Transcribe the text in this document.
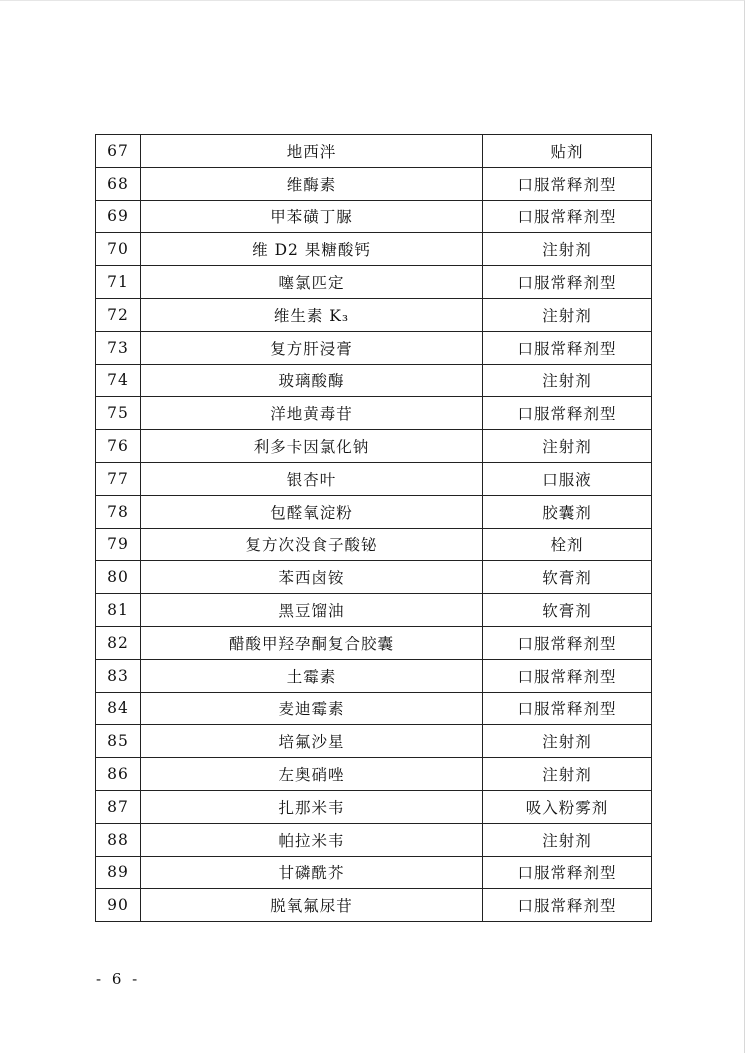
67	地西泮	贴剂
68	维酶素	口服常释剂型
69	甲苯磺丁脲	口服常释剂型
70	维 D2 果糖酸钙	注射剂
71	噻氯匹定	口服常释剂型
72	维生素 K₃	注射剂
73	复方肝浸膏	口服常释剂型
74	玻璃酸酶	注射剂
75	洋地黄毒苷	口服常释剂型
76	利多卡因氯化钠	注射剂
77	银杏叶	口服液
78	包醛氧淀粉	胶囊剂
79	复方次没食子酸铋	栓剂
80	苯西卤铵	软膏剂
81	黑豆馏油	软膏剂
82	醋酸甲羟孕酮复合胶囊	口服常释剂型
83	土霉素	口服常释剂型
84	麦迪霉素	口服常释剂型
85	培氟沙星	注射剂
86	左奥硝唑	注射剂
87	扎那米韦	吸入粉雾剂
88	帕拉米韦	注射剂
89	甘磷酰芥	口服常释剂型
90	脱氧氟尿苷	口服常释剂型
- 6 -
